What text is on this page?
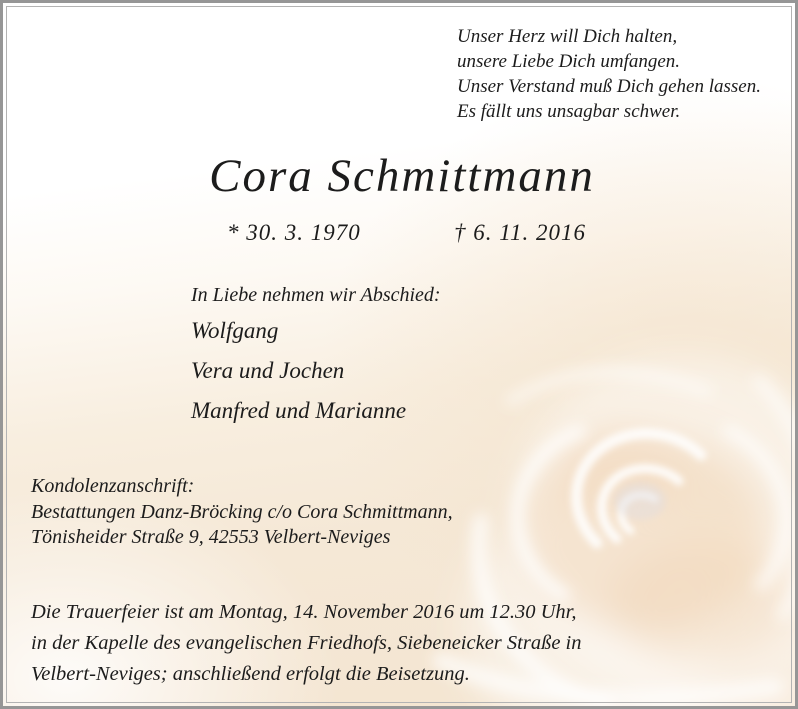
Unser Herz will Dich halten,
unsere Liebe Dich umfangen.
Unser Verstand muß Dich gehen lassen.
Es fällt uns unsagbar schwer.
Cora Schmittmann
* 30. 3. 1970	† 6. 11. 2016
In Liebe nehmen wir Abschied:
Wolfgang
Vera und Jochen
Manfred und Marianne
Kondolenzanschrift:
Bestattungen Danz-Bröcking c/o Cora Schmittmann,
Tönisheider Straße 9, 42553 Velbert-Neviges
Die Trauerfeier ist am Montag, 14. November 2016 um 12.30 Uhr,
in der Kapelle des evangelischen Friedhofs, Siebeneicker Straße in
Velbert-Neviges; anschließend erfolgt die Beisetzung.
